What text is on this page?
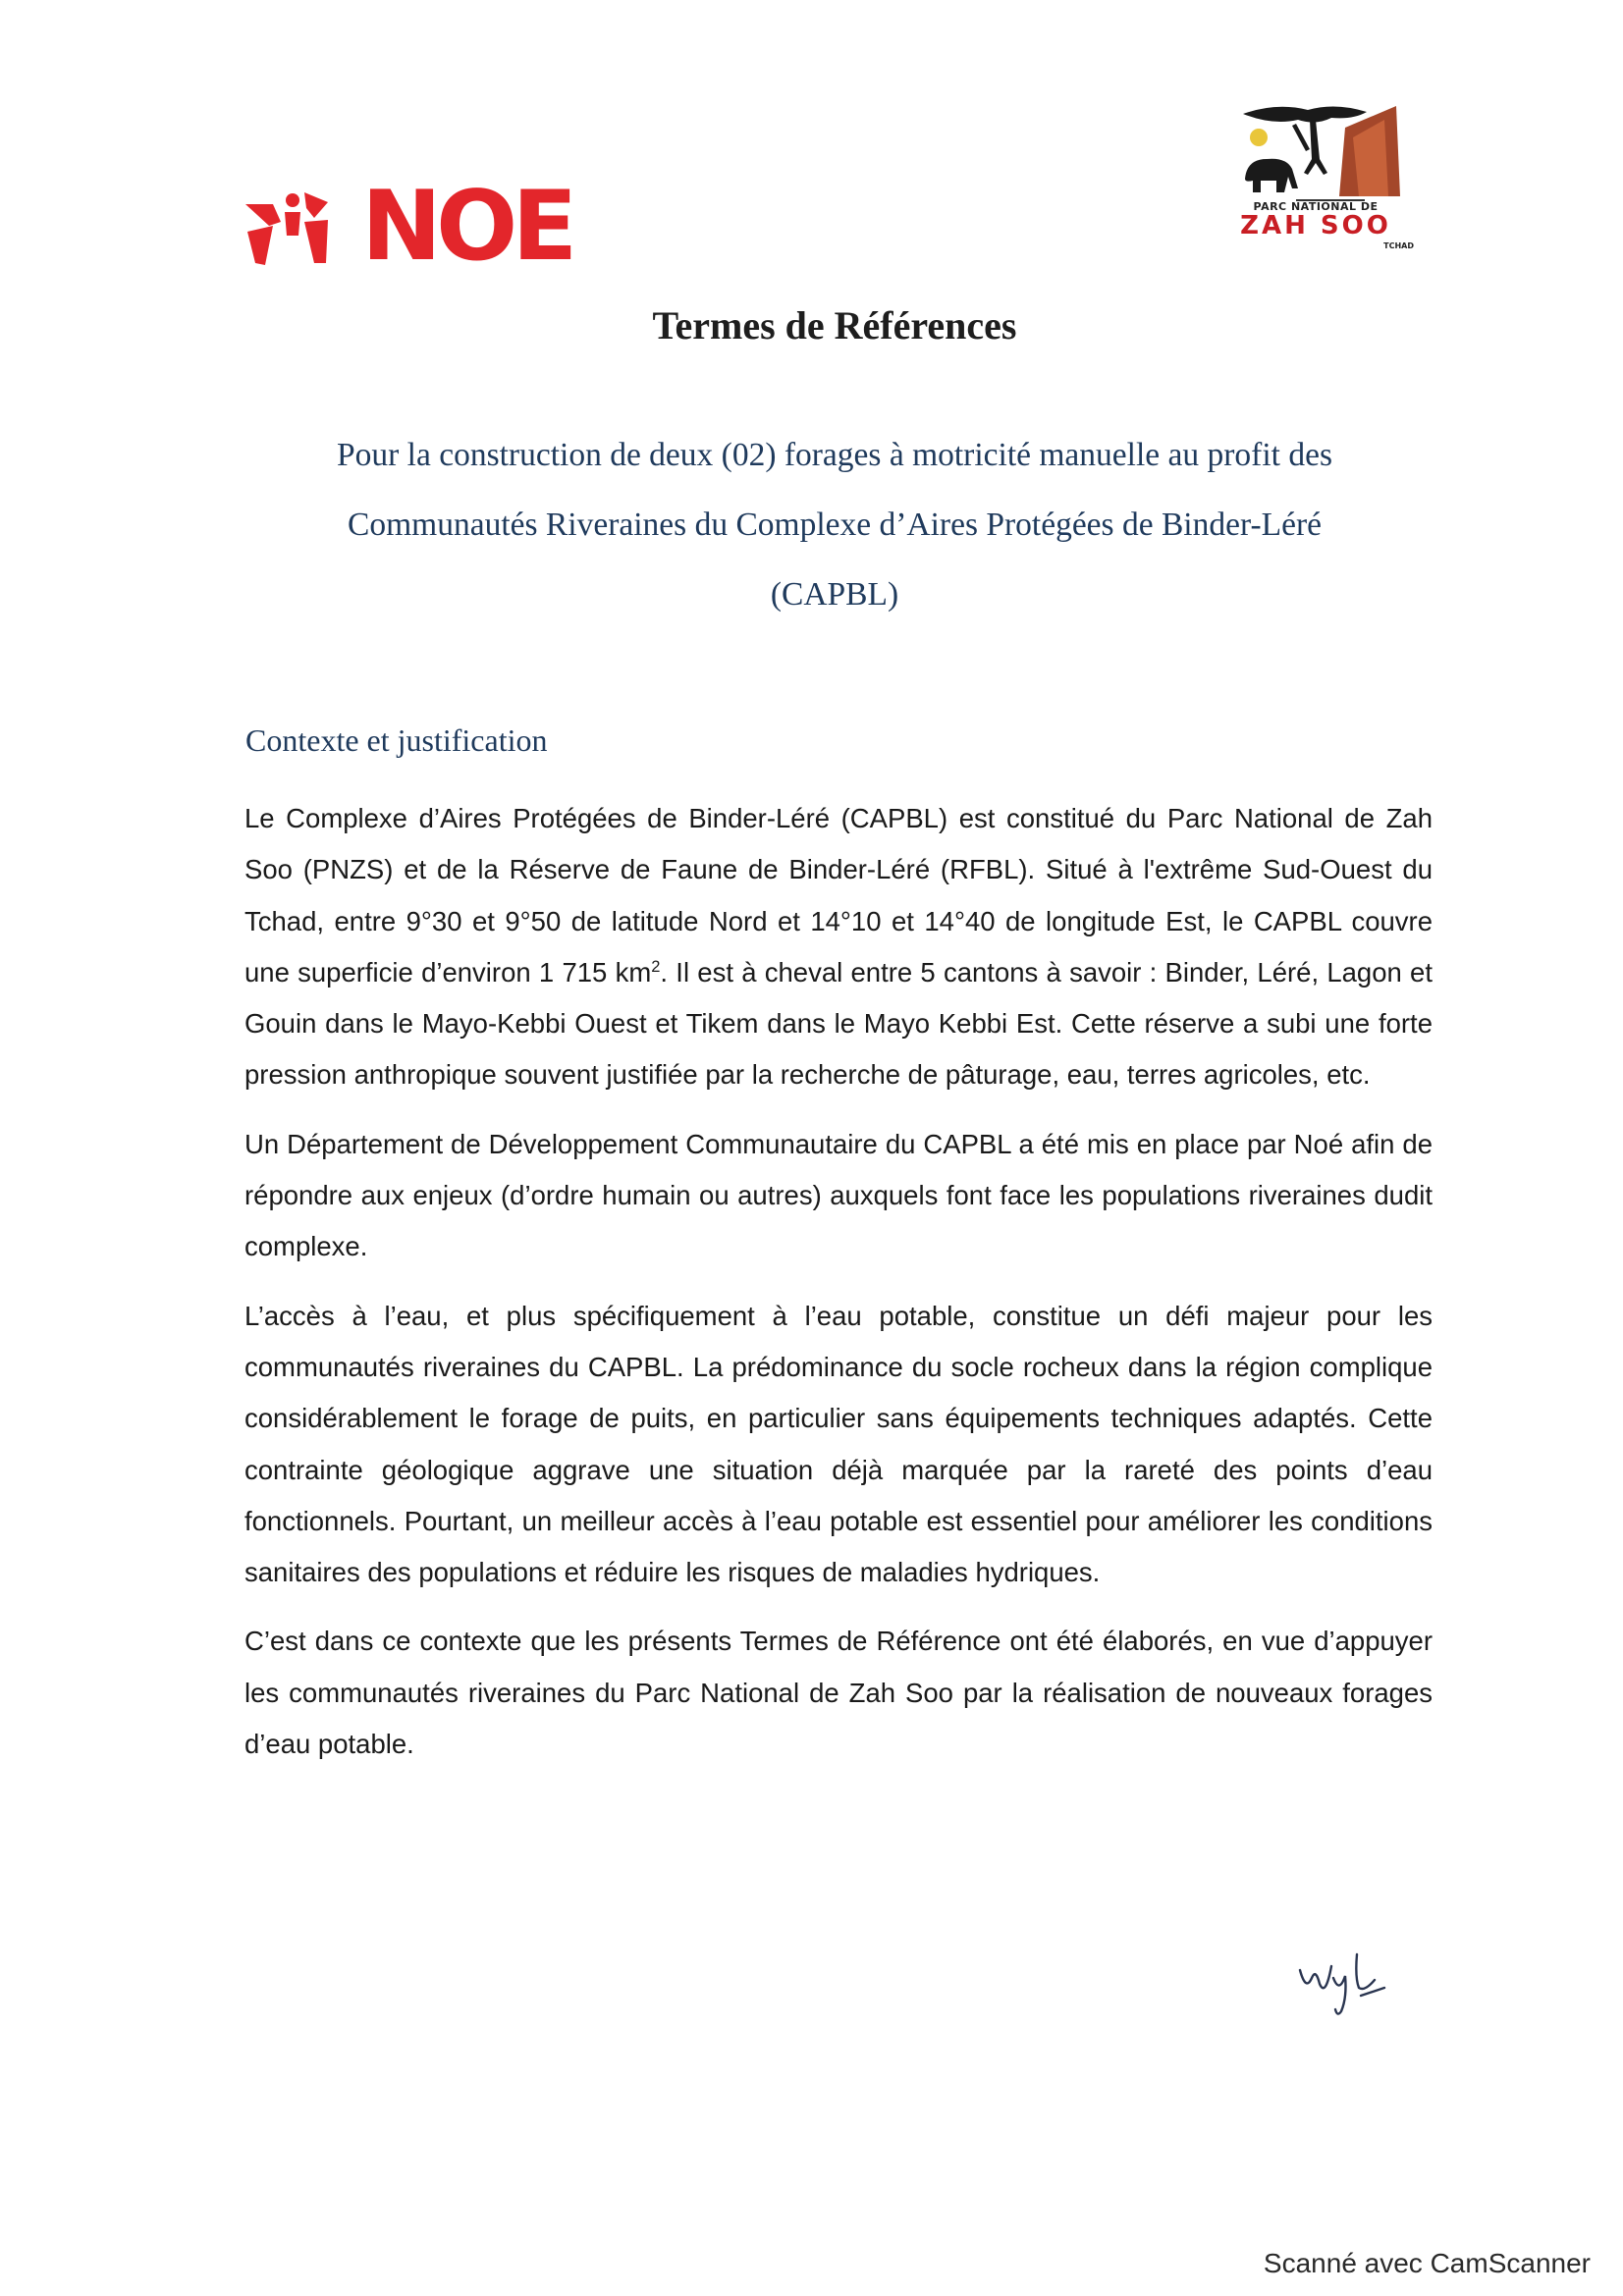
NOE	PARC NATIONAL DE
ZAH SOO
TCHAD
Termes de Références
Pour la construction de deux (02) forages à motricité manuelle au profit des
Communautés Riveraines du Complexe d’Aires Protégées de Binder-Léré
(CAPBL)
Contexte et justification

Le Complexe d’Aires Protégées de Binder-Léré (CAPBL) est constitué du Parc National de Zah Soo (PNZS) et de la Réserve de Faune de Binder-Léré (RFBL). Situé à l'extrême Sud-Ouest du Tchad, entre 9°30 et 9°50 de latitude Nord et 14°10 et 14°40 de longitude Est, le CAPBL couvre une superficie d’environ 1 715 $km^2$. Il est à cheval entre 5 cantons à savoir : Binder, Léré, Lagon et Gouin dans le Mayo-Kebbi Ouest et Tikem dans le Mayo Kebbi Est. Cette réserve a subi une forte pression anthropique souvent justifiée par la recherche de pâturage, eau, terres agricoles, etc.

Un Département de Développement Communautaire du CAPBL a été mis en place par Noé afin de répondre aux enjeux (d’ordre humain ou autres) auxquels font face les populations riveraines dudit complexe.

L’accès à l’eau, et plus spécifiquement à l’eau potable, constitue un défi majeur pour les communautés riveraines du CAPBL. La prédominance du socle rocheux dans la région complique considérablement le forage de puits, en particulier sans équipements techniques adaptés. Cette contrainte géologique aggrave une situation déjà marquée par la rareté des points d’eau fonctionnels. Pourtant, un meilleur accès à l’eau potable est essentiel pour améliorer les conditions sanitaires des populations et réduire les risques de maladies hydriques.

C’est dans ce contexte que les présents Termes de Référence ont été élaborés, en vue d’appuyer les communautés riveraines du Parc National de Zah Soo par la réalisation de nouveaux forages d’eau potable.

Scanné avec CamScanner
